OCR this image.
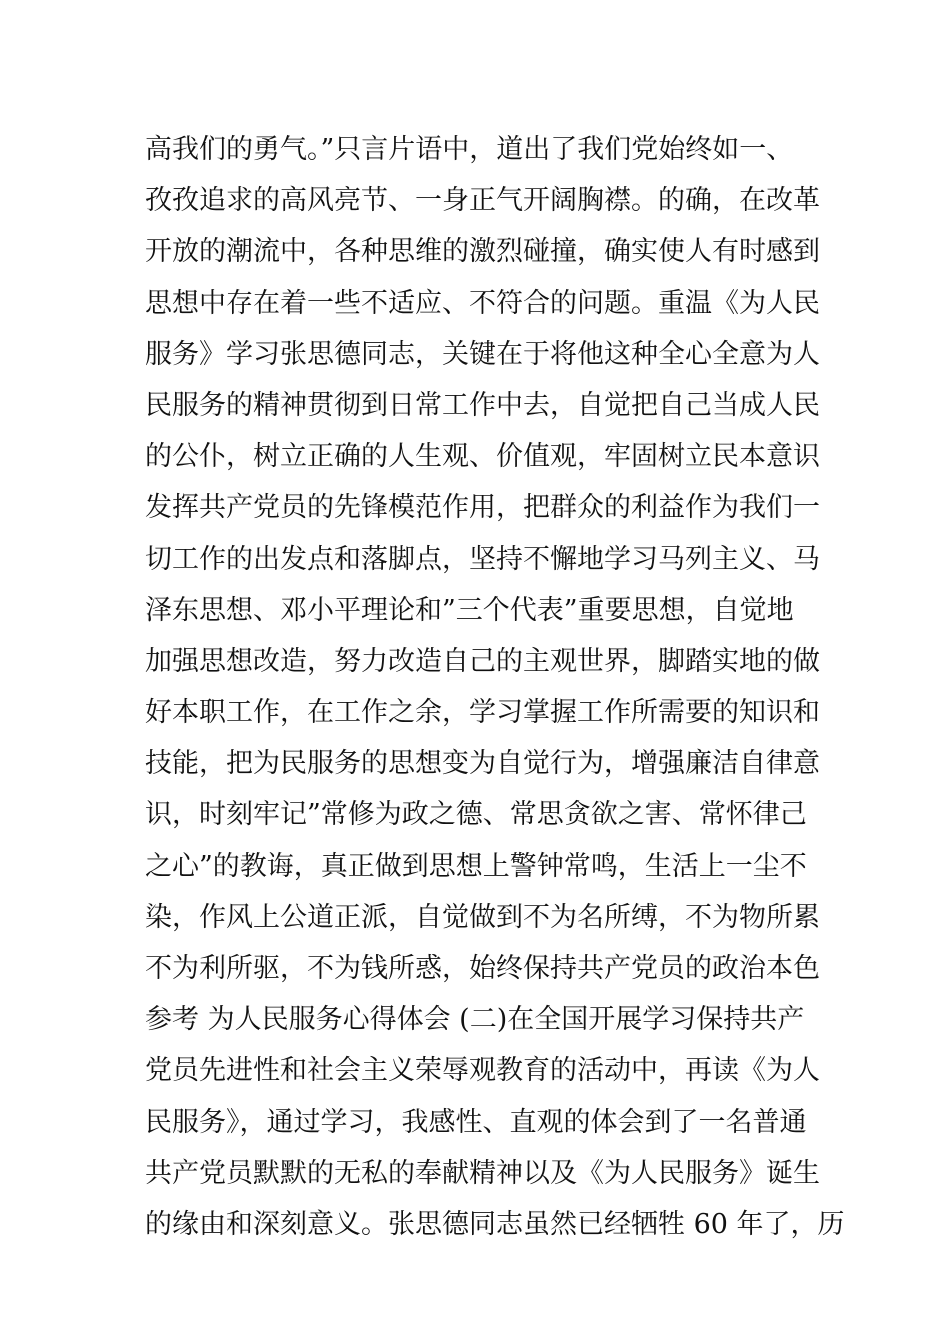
高我们的勇气。”只言片语中，道出了我们党始终如一、
孜孜追求的高风亮节、一身正气开阔胸襟。的确，在改革
开放的潮流中，各种思维的激烈碰撞，确实使人有时感到
思想中存在着一些不适应、不符合的问题。重温《为人民
服务》学习张思德同志，关键在于将他这种全心全意为人
民服务的精神贯彻到日常工作中去，自觉把自己当成人民
的公仆，树立正确的人生观、价值观，牢固树立民本意识
发挥共产党员的先锋模范作用，把群众的利益作为我们一
切工作的出发点和落脚点，坚持不懈地学习马列主义、马
泽东思想、邓小平理论和”三个代表”重要思想，自觉地
加强思想改造，努力改造自己的主观世界，脚踏实地的做
好本职工作，在工作之余，学习掌握工作所需要的知识和
技能，把为民服务的思想变为自觉行为，增强廉洁自律意
识，时刻牢记”常修为政之德、常思贪欲之害、常怀律己
之心”的教诲，真正做到思想上警钟常鸣，生活上一尘不
染，作风上公道正派，自觉做到不为名所缚，不为物所累
不为利所驱，不为钱所惑，始终保持共产党员的政治本色
参考 为人民服务心得体会 (二)在全国开展学习保持共产
党员先进性和社会主义荣辱观教育的活动中，再读《为人
民服务》，通过学习，我感性、直观的体会到了一名普通
共产党员默默的无私的奉献精神以及《为人民服务》诞生
的缘由和深刻意义。张思德同志虽然已经牺牲 60 年了，历
